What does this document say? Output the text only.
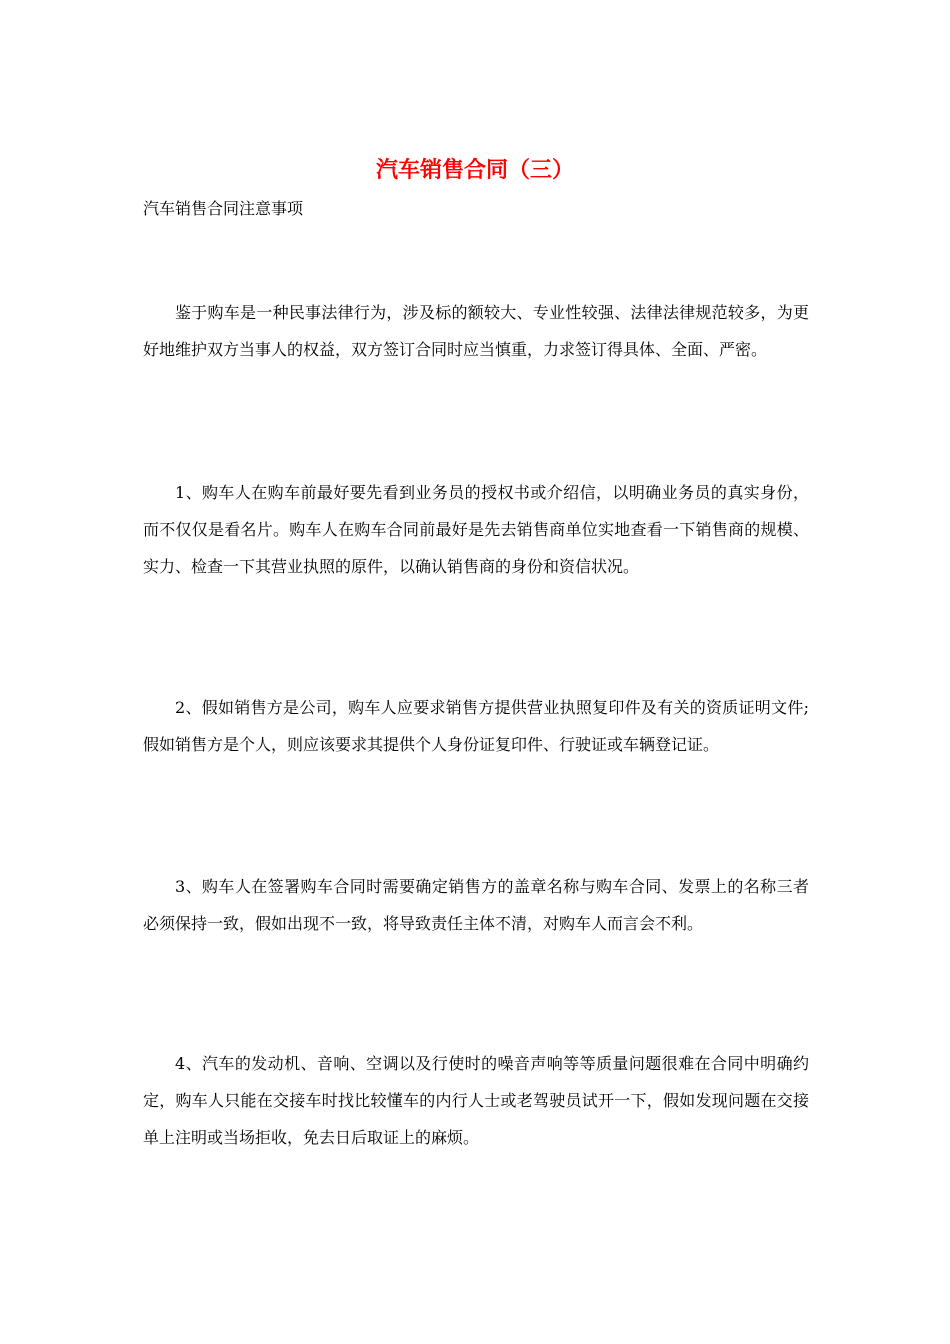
汽车销售合同（三）

汽车销售合同注意事项

鉴于购车是一种民事法律行为，涉及标的额较大、专业性较强、法律法律规范较多，为更好地维护双方当事人的权益，双方签订合同时应当慎重，力求签订得具体、全面、严密。

1、购车人在购车前最好要先看到业务员的授权书或介绍信，以明确业务员的真实身份，而不仅仅是看名片。购车人在购车合同前最好是先去销售商单位实地查看一下销售商的规模、实力、检查一下其营业执照的原件，以确认销售商的身份和资信状况。

2、假如销售方是公司，购车人应要求销售方提供营业执照复印件及有关的资质证明文件;假如销售方是个人，则应该要求其提供个人身份证复印件、行驶证或车辆登记证。

3、购车人在签署购车合同时需要确定销售方的盖章名称与购车合同、发票上的名称三者必须保持一致，假如出现不一致，将导致责任主体不清，对购车人而言会不利。

4、汽车的发动机、音响、空调以及行使时的噪音声响等等质量问题很难在合同中明确约定，购车人只能在交接车时找比较懂车的内行人士或老驾驶员试开一下，假如发现问题在交接单上注明或当场拒收，免去日后取证上的麻烦。
